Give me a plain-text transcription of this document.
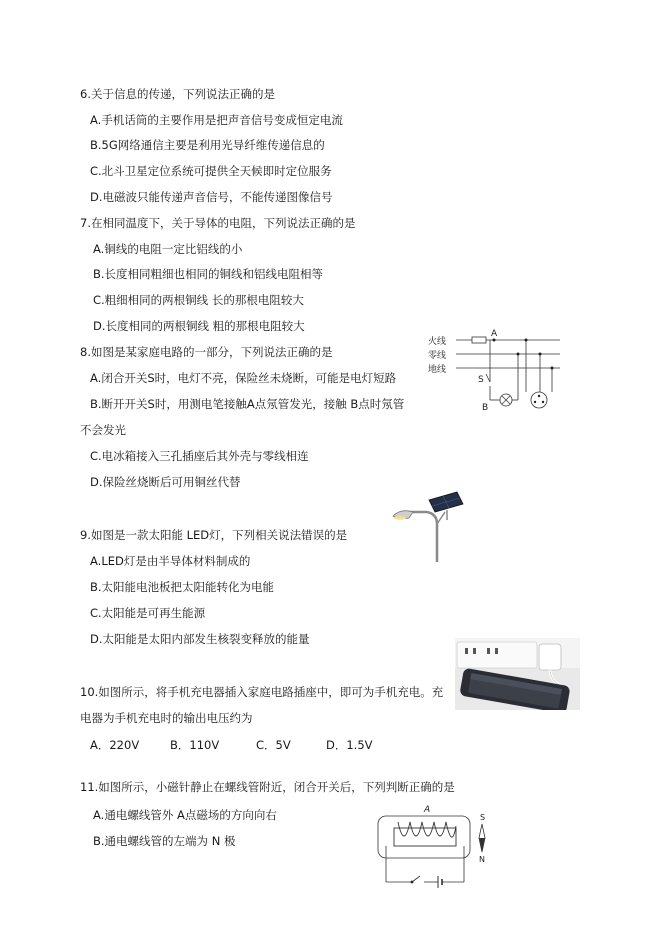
6.关于信息的传递，下列说法正确的是
A.手机话筒的主要作用是把声音信号变成恒定电流
B.5G网络通信主要是利用光导纤维传递信息的
C.北斗卫星定位系统可提供全天候即时定位服务
D.电磁波只能传递声音信号，不能传递图像信号
7.在相同温度下，关于导体的电阻，下列说法正确的是
A.铜线的电阻一定比铝线的小
B.长度相同粗细也相同的铜线和铝线电阻相等
C.粗细相同的两根铜线 长的那根电阻较大
D.长度相同的两根铜线 粗的那根电阻较大
8.如图是某家庭电路的一部分，下列说法正确的是
A.闭合开关S时，电灯不亮，保险丝未烧断，可能是电灯短路
B.断开开关S时，用测电笔接触A点氖管发光，接触 B点时氖管
不会发光
C.电冰箱接入三孔插座后其外壳与零线相连
D.保险丝烧断后可用铜丝代替
火线
零线
地线
A
S
B
9.如图是一款太阳能 LED灯，下列相关说法错误的是
A.LED灯是由半导体材料制成的
B.太阳能电池板把太阳能转化为电能
C.太阳能是可再生能源
D.太阳能是太阳内部发生核裂变释放的能量
10.如图所示，将手机充电器插入家庭电路插座中，即可为手机充电。充
电器为手机充电时的输出电压约为
A．220V	B．110V	C．5V	D．1.5V
11.如图所示，小磁针静止在螺线管附近，闭合开关后，下列判断正确的是
A.通电螺线管外 A点磁场的方向向右
B.通电螺线管的左端为 N 极
A
S
N
